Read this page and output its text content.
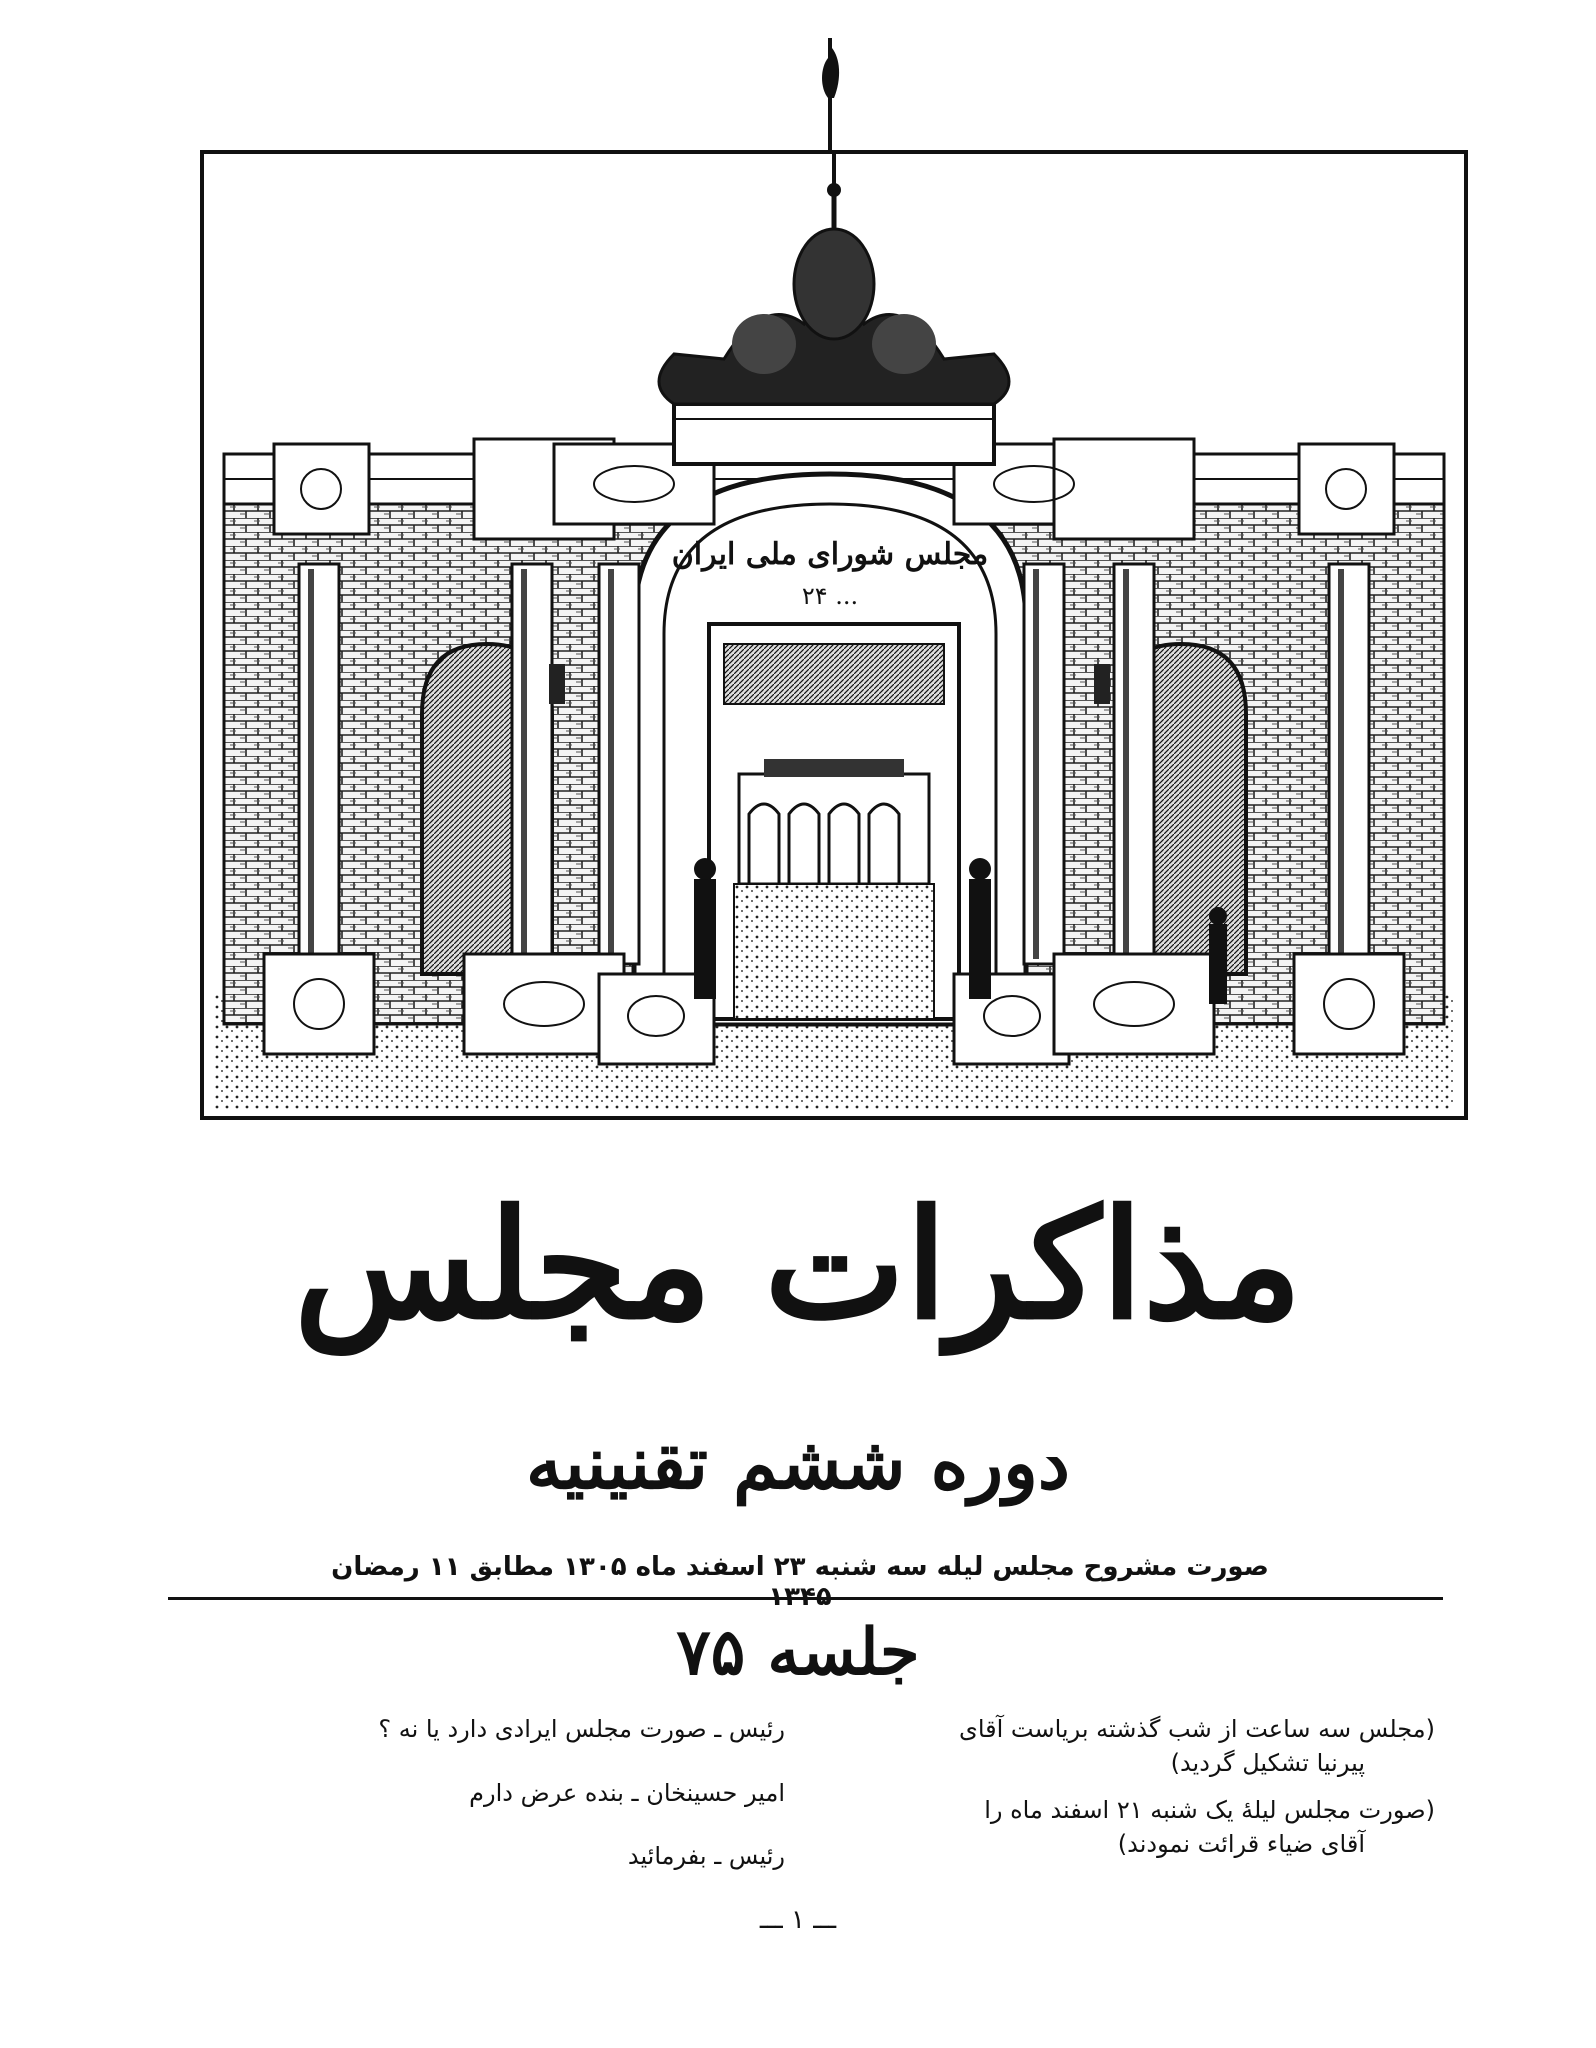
مجلس شورای ملی ایران
۲۴ ...
مذاکرات مجلس
دوره ششم تقنینیه
صورت مشروح مجلس لیله سه شنبه ۲۳ اسفند ماه ۱۳۰۵ مطابق ۱۱ رمضان ۱۳۴۵
جلسه ۷۵

(مجلس سه ساعت از شب گذشته بریاست آقای
پیرنیا تشکیل گردید)

(صورت مجلس لیلهٔ یک شنبه ۲۱ اسفند ماه را
آقای ضیاء قرائت نمودند)

رئیس ـ صورت مجلس ایرادی دارد یا نه ؟

امیر حسینخان ـ بنده عرض دارم

رئیس ـ بفرمائید

ـــ ۱ ـــ
